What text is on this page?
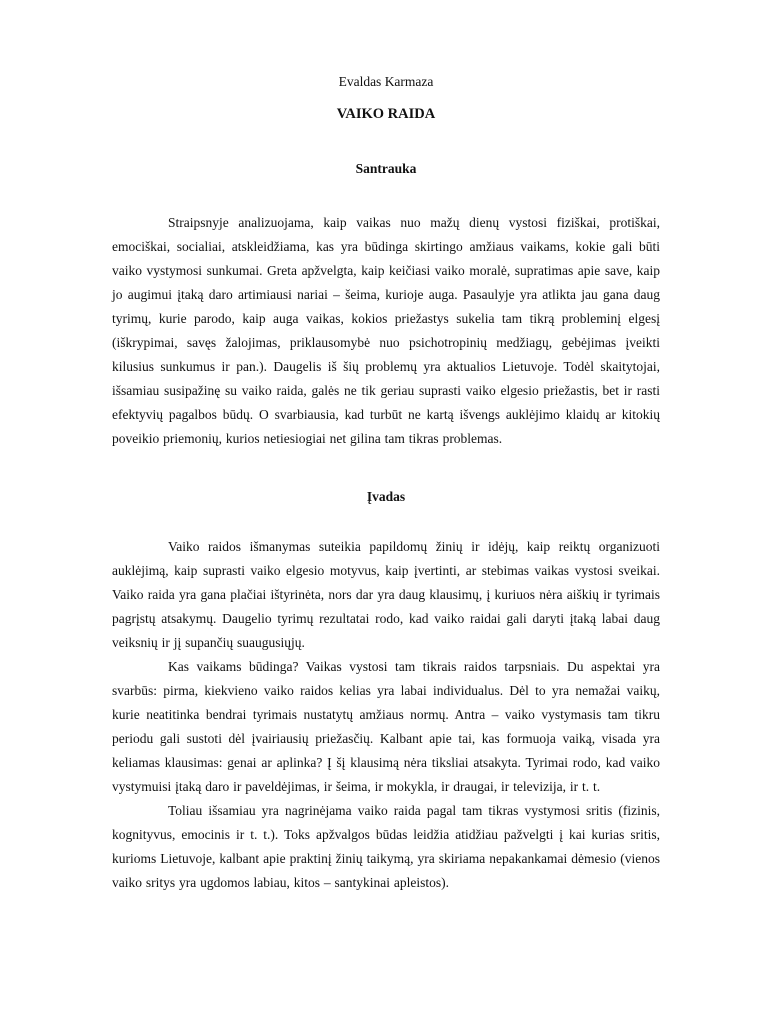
Evaldas Karmaza

VAIKO RAIDA

Santrauka

Straipsnyje analizuojama, kaip vaikas nuo mažų dienų vystosi fiziškai, protiškai, emociškai, socialiai, atskleidžiama, kas yra būdinga skirtingo amžiaus vaikams, kokie gali būti vaiko vystymosi sunkumai. Greta apžvelgta, kaip keičiasi vaiko moralė, supratimas apie save, kaip jo augimui įtaką daro artimiausi nariai – šeima, kurioje auga. Pasaulyje yra atlikta jau gana daug tyrimų, kurie parodo, kaip auga vaikas, kokios priežastys sukelia tam tikrą probleminį elgesį (iškrypimai, savęs žalojimas, priklausomybė nuo psichotropinių medžiagų, gebėjimas įveikti kilusius sunkumus ir pan.). Daugelis iš šių problemų yra aktualios Lietuvoje. Todėl skaitytojai, išsamiau susipažinę su vaiko raida, galės ne tik geriau suprasti vaiko elgesio priežastis, bet ir rasti efektyvių pagalbos būdų. O svarbiausia, kad turbūt ne kartą išvengs auklėjimo klaidų ar kitokių poveikio priemonių, kurios netiesiogiai net gilina tam tikras problemas.

Įvadas

Vaiko raidos išmanymas suteikia papildomų žinių ir idėjų, kaip reiktų organizuoti auklėjimą, kaip suprasti vaiko elgesio motyvus, kaip įvertinti, ar stebimas vaikas vystosi sveikai. Vaiko raida yra gana plačiai ištyrinėta, nors dar yra daug klausimų, į kuriuos nėra aiškių ir tyrimais pagrįstų atsakymų. Daugelio tyrimų rezultatai rodo, kad vaiko raidai gali daryti įtaką labai daug veiksnių ir jį supančių suaugusiųjų.

Kas vaikams būdinga? Vaikas vystosi tam tikrais raidos tarpsniais. Du aspektai yra svarbūs: pirma, kiekvieno vaiko raidos kelias yra labai individualus. Dėl to yra nemažai vaikų, kurie neatitinka bendrai tyrimais nustatytų amžiaus normų. Antra – vaiko vystymasis tam tikru periodu gali sustoti dėl įvairiausių priežasčių. Kalbant apie tai, kas formuoja vaiką, visada yra keliamas klausimas: genai ar aplinka? Į šį klausimą nėra tiksliai atsakyta. Tyrimai rodo, kad vaiko vystymuisi įtaką daro ir paveldėjimas, ir šeima, ir mokykla, ir draugai, ir televizija, ir t. t.

Toliau išsamiau yra nagrinėjama vaiko raida pagal tam tikras vystymosi sritis (fizinis, kognityvus, emocinis ir t. t.). Toks apžvalgos būdas leidžia atidžiau pažvelgti į kai kurias sritis, kurioms Lietuvoje, kalbant apie praktinį žinių taikymą, yra skiriama nepakankamai dėmesio (vienos vaiko sritys yra ugdomos labiau, kitos – santykinai apleistos).
